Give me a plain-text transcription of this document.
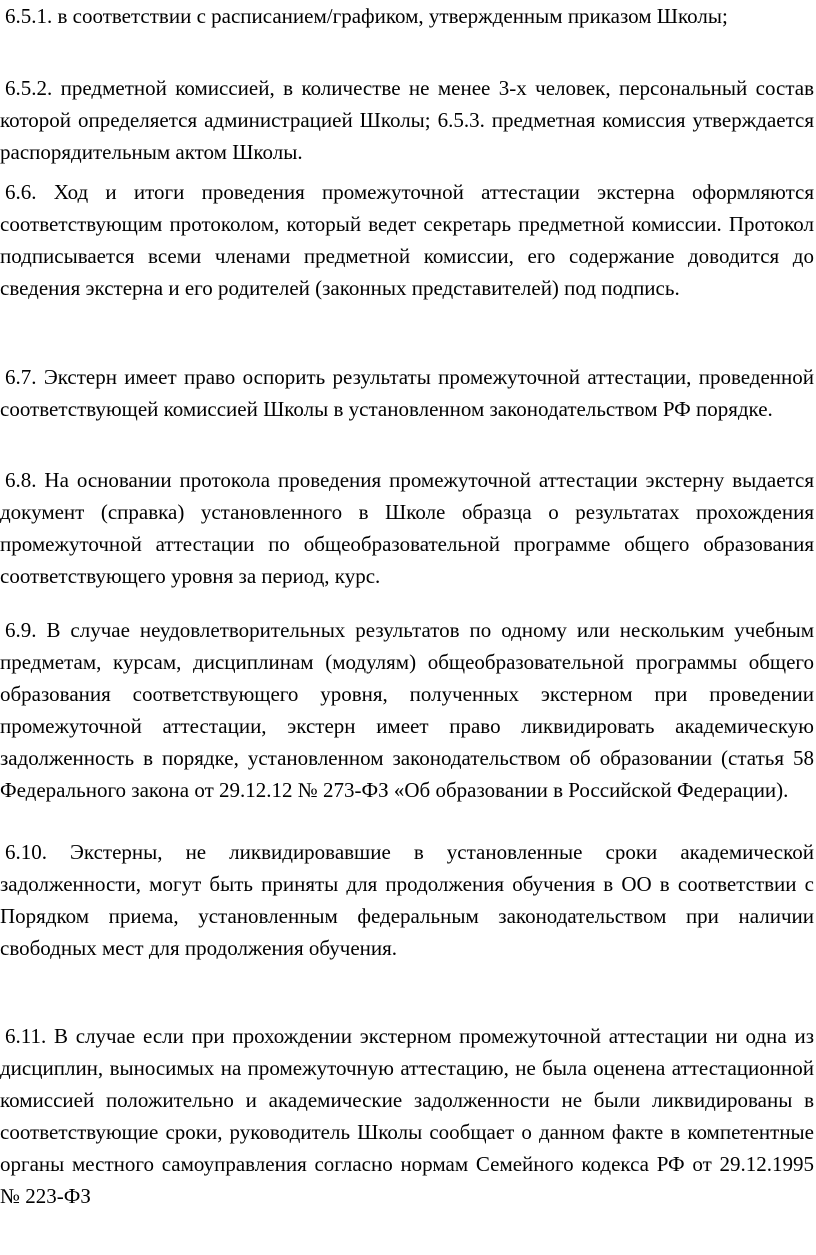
6.5.1. в соответствии с расписанием/графиком, утвержденным приказом Школы;

6.5.2. предметной комиссией, в количестве не менее 3-х человек, персональный состав которой определяется администрацией Школы; 6.5.3. предметная комиссия утверждается распорядительным актом Школы.

6.6. Ход и итоги проведения промежуточной аттестации экстерна оформляются соответствующим протоколом, который ведет секретарь предметной комиссии. Протокол подписывается всеми членами предметной комиссии, его содержание доводится до сведения экстерна и его родителей (законных представителей) под подпись.

6.7. Экстерн имеет право оспорить результаты промежуточной аттестации, проведенной соответствующей комиссией Школы в установленном законодательством РФ порядке.

6.8. На основании протокола проведения промежуточной аттестации экстерну выдается документ (справка) установленного в Школе образца о результатах прохождения промежуточной аттестации по общеобразовательной программе общего образования соответствующего уровня за период, курс.

6.9. В случае неудовлетворительных результатов по одному или нескольким учебным предметам, курсам, дисциплинам (модулям) общеобразовательной программы общего образования соответствующего уровня, полученных экстерном при проведении промежуточной аттестации, экстерн имеет право ликвидировать академическую задолженность в порядке, установленном законодательством об образовании (статья 58 Федерального закона от 29.12.12 № 273-ФЗ «Об образовании в Российской Федерации).

6.10. Экстерны, не ликвидировавшие в установленные сроки академической задолженности, могут быть приняты для продолжения обучения в ОО в соответствии с Порядком приема, установленным федеральным законодательством при наличии свободных мест для продолжения обучения.

6.11. В случае если при прохождении экстерном промежуточной аттестации ни одна из дисциплин, выносимых на промежуточную аттестацию, не была оценена аттестационной комиссией положительно и академические задолженности не были ликвидированы в соответствующие сроки, руководитель Школы сообщает о данном факте в компетентные органы местного самоуправления согласно нормам Семейного кодекса РФ от 29.12.1995 № 223-ФЗ
